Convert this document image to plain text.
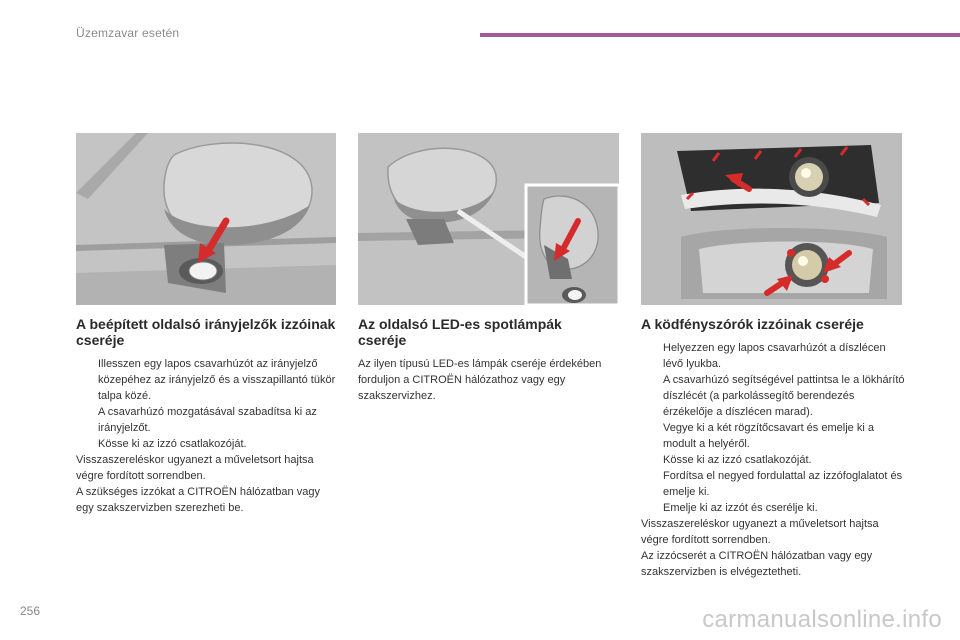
Üzemzavar esetén
A beépített oldalsó irányjelzők izzóinak cseréje
Illesszen egy lapos csavarhúzót az irányjelző közepéhez az irányjelző és a visszapillantó tükör talpa közé.
A csavarhúzó mozgatásával szabadítsa ki az irányjelzőt.
Kösse ki az izzó csatlakozóját.

Visszaszereléskor ugyanezt a műveletsort hajtsa végre fordított sorrendben.

A szükséges izzókat a CITROËN hálózatban vagy egy szakszervizben szerezheti be.

Az oldalsó LED-es spotlámpák cseréje

Az ilyen típusú LED-es lámpák cseréje érdekében forduljon a CITROËN hálózathoz vagy egy szakszervizhez.

A ködfényszórók izzóinak cseréje
Helyezzen egy lapos csavarhúzót a díszlécen lévő lyukba.
A csavarhúzó segítségével pattintsa le a lökhárító díszlécét (a parkolássegítő berendezés érzékelője a díszlécen marad).
Vegye ki a két rögzítőcsavart és emelje ki a modult a helyéről.
Kösse ki az izzó csatlakozóját.
Fordítsa el negyed fordulattal az izzófoglalatot és emelje ki.
Emelje ki az izzót és cserélje ki.

Visszaszereléskor ugyanezt a műveletsort hajtsa végre fordított sorrendben.

Az izzócserét a CITROËN hálózatban vagy egy szakszervizben is elvégeztetheti.

256	carmanualsonline.info
